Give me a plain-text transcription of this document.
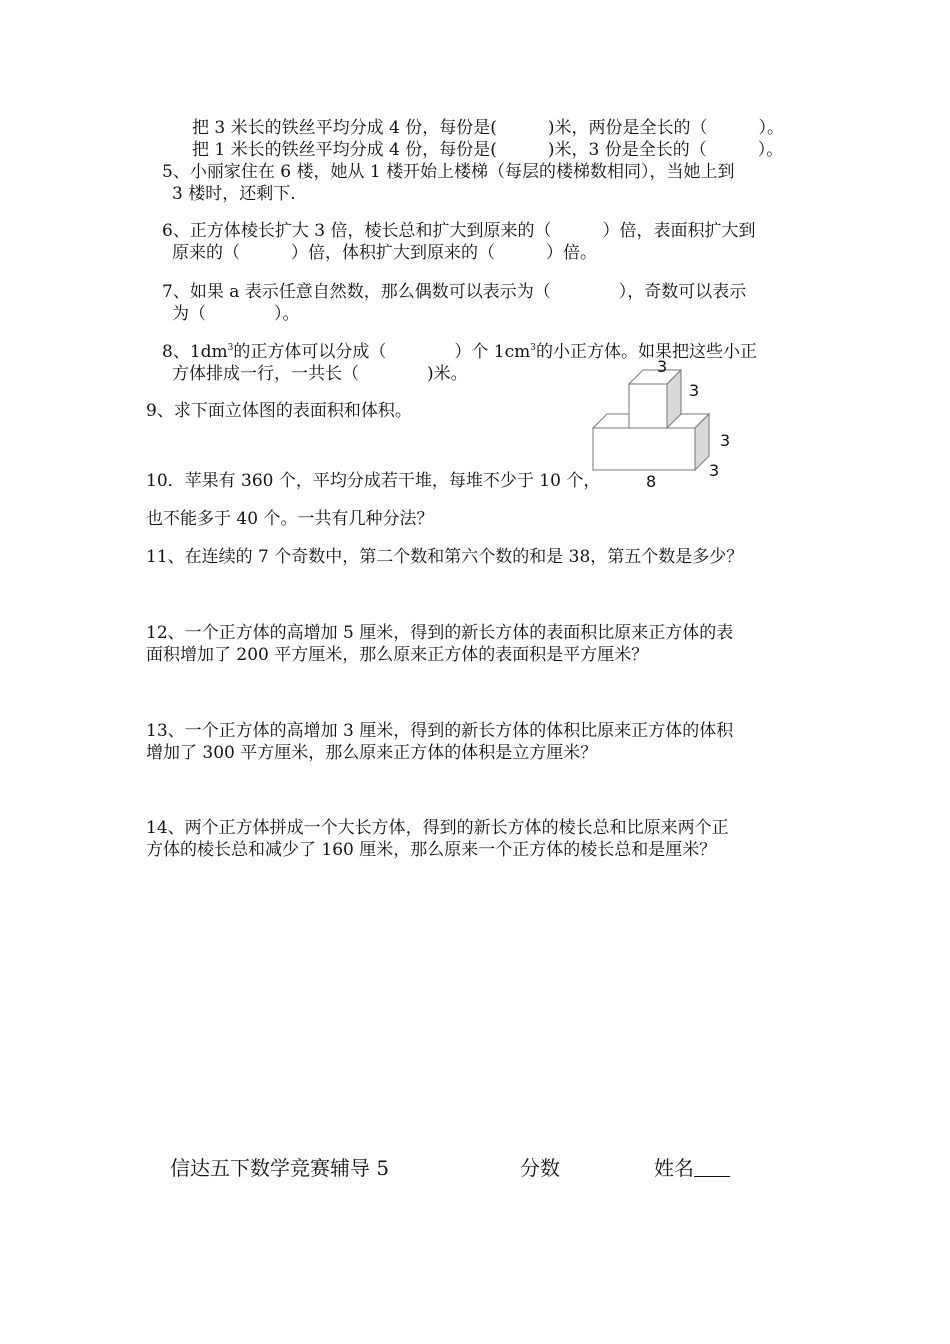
把 3 米长的铁丝平均分成 4 份，每份是(　　　)米，两份是全长的（　　　）。
把 1 米长的铁丝平均分成 4 份，每份是(　　　)米，3 份是全长的（　　　）。
5、小丽家住在 6 楼，她从 1 楼开始上楼梯（每层的楼梯数相同），当她上到
3 楼时，还剩下.
6、正方体棱长扩大 3 倍，棱长总和扩大到原来的（　　　）倍，表面积扩大到
原来的（　　　）倍，体积扩大到原来的（　　　）倍。
7、如果 a 表示任意自然数，那么偶数可以表示为（　　　　），奇数可以表示
为（　　　　）。
8、$1dm^3$的正方体可以分成（　　　　）个 $1cm^3$的小正方体。如果把这些小正
方体排成一行，一共长（　　　　)米。
9、求下面立体图的表面积和体积。
3
3
3
3
8
10．苹果有 360 个，平均分成若干堆，每堆不少于 10 个，
也不能多于 40 个。一共有几种分法？
11、在连续的 7 个奇数中，第二个数和第六个数的和是 38，第五个数是多少？
12、一个正方体的高增加 5 厘米，得到的新长方体的表面积比原来正方体的表
面积增加了 200 平方厘米，那么原来正方体的表面积是平方厘米？
13、一个正方体的高增加 3 厘米，得到的新长方体的体积比原来正方体的体积
增加了 300 平方厘米，那么原来正方体的体积是立方厘米？
14、两个正方体拼成一个大长方体，得到的新长方体的棱长总和比原来两个正
方体的棱长总和减少了 160 厘米，那么原来一个正方体的棱长总和是厘米？
信达五下数学竞赛辅导 5	分数	姓名
